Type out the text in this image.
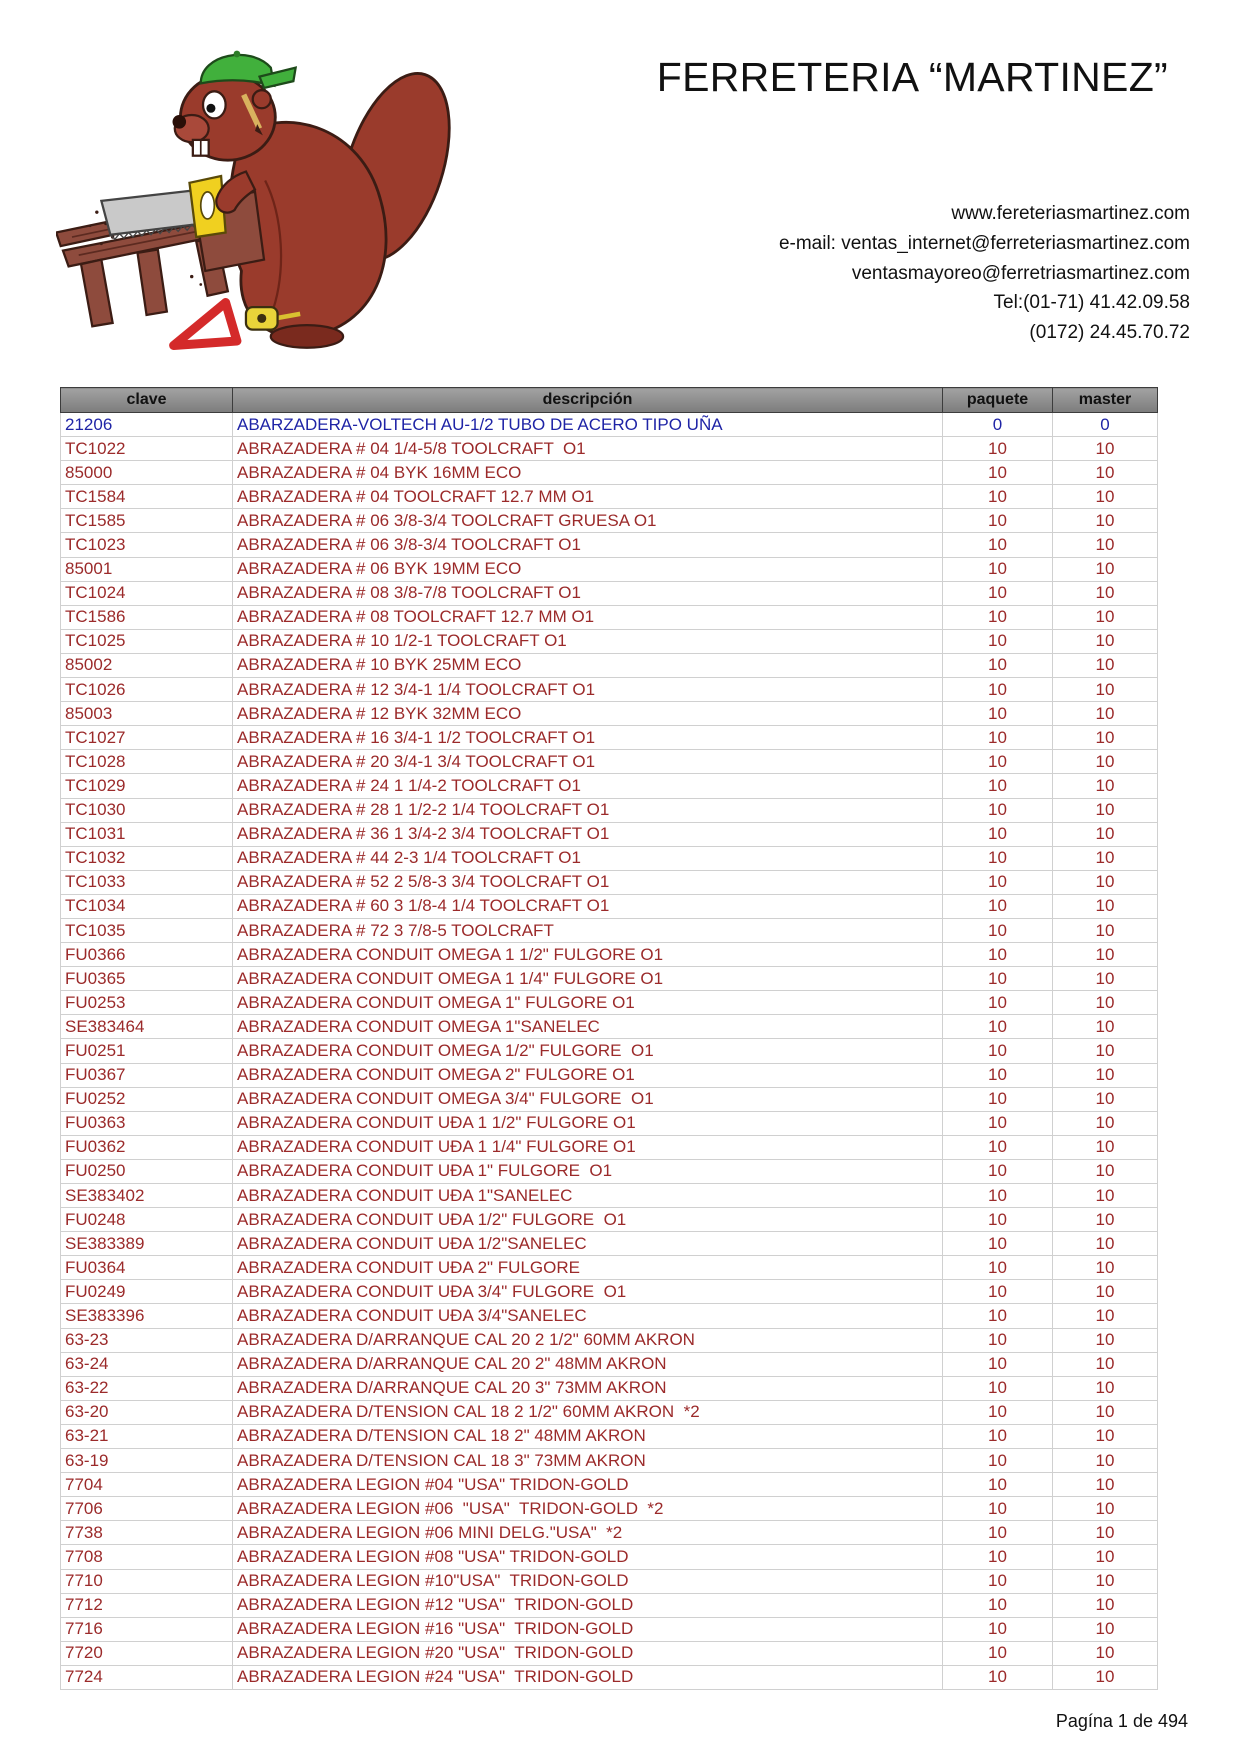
FERRETERIA “MARTINEZ”
www.fereteriasmartinez.com
e-mail: ventas_internet@ferreteriasmartinez.com
ventasmayoreo@ferretriasmartinez.com
Tel:(01-71) 41.42.09.58
(0172) 24.45.70.72
clave	descripción	paquete	master
21206	ABARZADERA-VOLTECH AU-1/2 TUBO DE ACERO TIPO UÑA	0	0
TC1022	ABRAZADERA # 04 1/4-5/8 TOOLCRAFT  O1	10	10
85000	ABRAZADERA # 04 BYK 16MM ECO	10	10
TC1584	ABRAZADERA # 04 TOOLCRAFT 12.7 MM O1	10	10
TC1585	ABRAZADERA # 06 3/8-3/4 TOOLCRAFT GRUESA O1	10	10
TC1023	ABRAZADERA # 06 3/8-3/4 TOOLCRAFT O1	10	10
85001	ABRAZADERA # 06 BYK 19MM ECO	10	10
TC1024	ABRAZADERA # 08 3/8-7/8 TOOLCRAFT O1	10	10
TC1586	ABRAZADERA # 08 TOOLCRAFT 12.7 MM O1	10	10
TC1025	ABRAZADERA # 10 1/2-1 TOOLCRAFT O1	10	10
85002	ABRAZADERA # 10 BYK 25MM ECO	10	10
TC1026	ABRAZADERA # 12 3/4-1 1/4 TOOLCRAFT O1	10	10
85003	ABRAZADERA # 12 BYK 32MM ECO	10	10
TC1027	ABRAZADERA # 16 3/4-1 1/2 TOOLCRAFT O1	10	10
TC1028	ABRAZADERA # 20 3/4-1 3/4 TOOLCRAFT O1	10	10
TC1029	ABRAZADERA # 24 1 1/4-2 TOOLCRAFT O1	10	10
TC1030	ABRAZADERA # 28 1 1/2-2 1/4 TOOLCRAFT O1	10	10
TC1031	ABRAZADERA # 36 1 3/4-2 3/4 TOOLCRAFT O1	10	10
TC1032	ABRAZADERA # 44 2-3 1/4 TOOLCRAFT O1	10	10
TC1033	ABRAZADERA # 52 2 5/8-3 3/4 TOOLCRAFT O1	10	10
TC1034	ABRAZADERA # 60 3 1/8-4 1/4 TOOLCRAFT O1	10	10
TC1035	ABRAZADERA # 72 3 7/8-5 TOOLCRAFT	10	10
FU0366	ABRAZADERA CONDUIT OMEGA 1 1/2" FULGORE O1	10	10
FU0365	ABRAZADERA CONDUIT OMEGA 1 1/4" FULGORE O1	10	10
FU0253	ABRAZADERA CONDUIT OMEGA 1" FULGORE O1	10	10
SE383464	ABRAZADERA CONDUIT OMEGA 1"SANELEC	10	10
FU0251	ABRAZADERA CONDUIT OMEGA 1/2" FULGORE  O1	10	10
FU0367	ABRAZADERA CONDUIT OMEGA 2" FULGORE O1	10	10
FU0252	ABRAZADERA CONDUIT OMEGA 3/4" FULGORE  O1	10	10
FU0363	ABRAZADERA CONDUIT UĐA 1 1/2" FULGORE O1	10	10
FU0362	ABRAZADERA CONDUIT UĐA 1 1/4" FULGORE O1	10	10
FU0250	ABRAZADERA CONDUIT UĐA 1" FULGORE  O1	10	10
SE383402	ABRAZADERA CONDUIT UĐA 1"SANELEC	10	10
FU0248	ABRAZADERA CONDUIT UĐA 1/2" FULGORE  O1	10	10
SE383389	ABRAZADERA CONDUIT UĐA 1/2"SANELEC	10	10
FU0364	ABRAZADERA CONDUIT UĐA 2" FULGORE	10	10
FU0249	ABRAZADERA CONDUIT UĐA 3/4" FULGORE  O1	10	10
SE383396	ABRAZADERA CONDUIT UĐA 3/4"SANELEC	10	10
63-23	ABRAZADERA D/ARRANQUE CAL 20 2 1/2" 60MM AKRON	10	10
63-24	ABRAZADERA D/ARRANQUE CAL 20 2" 48MM AKRON	10	10
63-22	ABRAZADERA D/ARRANQUE CAL 20 3" 73MM AKRON	10	10
63-20	ABRAZADERA D/TENSION CAL 18 2 1/2" 60MM AKRON  *2	10	10
63-21	ABRAZADERA D/TENSION CAL 18 2" 48MM AKRON	10	10
63-19	ABRAZADERA D/TENSION CAL 18 3" 73MM AKRON	10	10
7704	ABRAZADERA LEGION #04 "USA" TRIDON-GOLD	10	10
7706	ABRAZADERA LEGION #06  "USA"  TRIDON-GOLD  *2	10	10
7738	ABRAZADERA LEGION #06 MINI DELG."USA"  *2	10	10
7708	ABRAZADERA LEGION #08 "USA" TRIDON-GOLD	10	10
7710	ABRAZADERA LEGION #10"USA"  TRIDON-GOLD	10	10
7712	ABRAZADERA LEGION #12 "USA"  TRIDON-GOLD	10	10
7716	ABRAZADERA LEGION #16 "USA"  TRIDON-GOLD	10	10
7720	ABRAZADERA LEGION #20 "USA"  TRIDON-GOLD	10	10
7724	ABRAZADERA LEGION #24 "USA"  TRIDON-GOLD	10	10
Pagína 1 de 494
